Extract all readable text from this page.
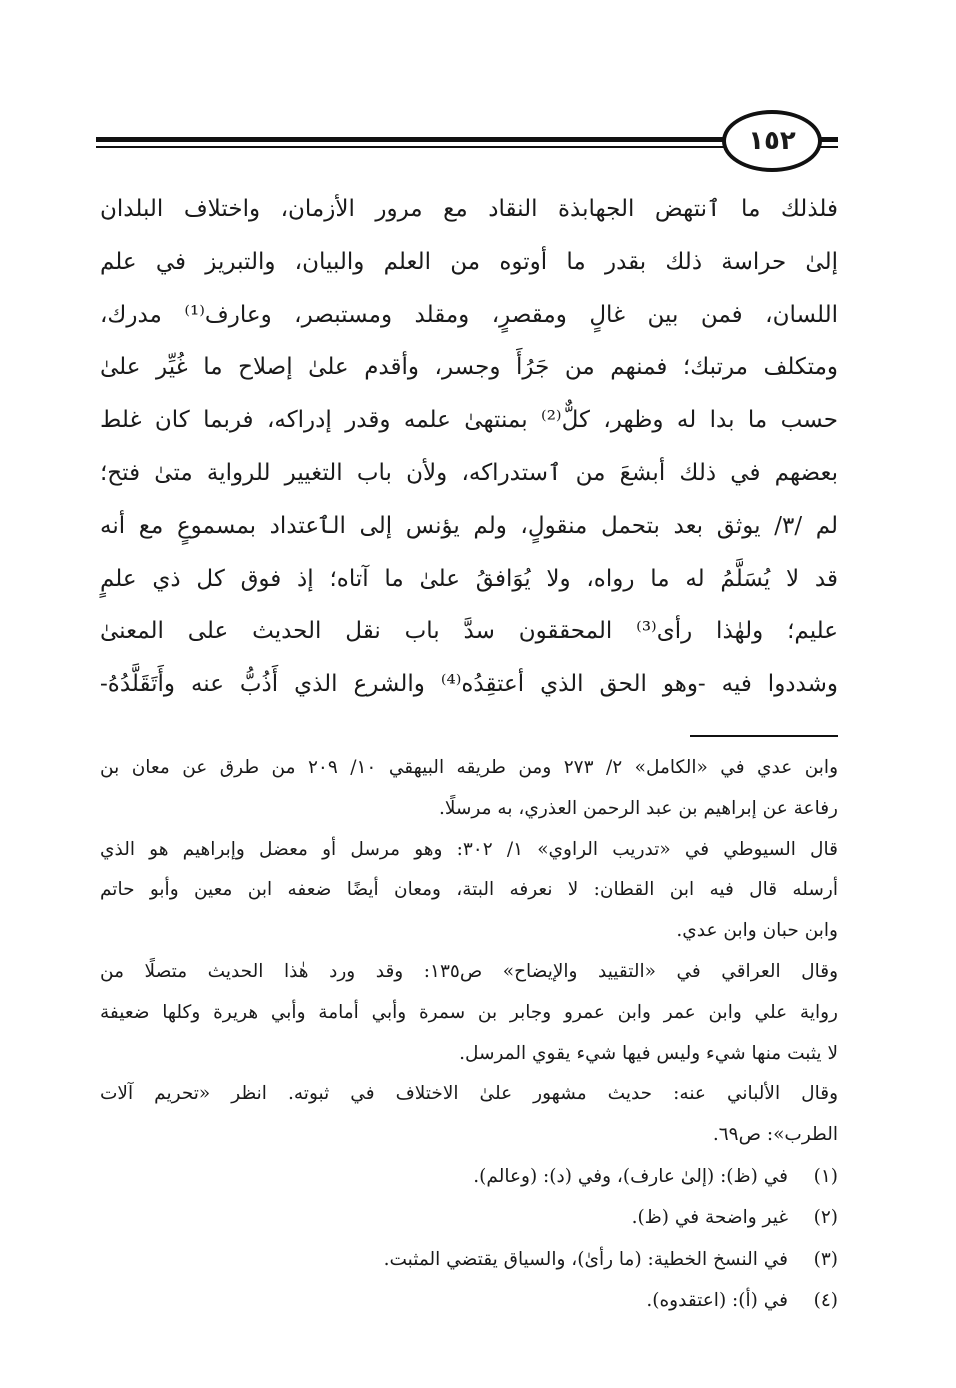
١٥٢
فلذلك ما ٱنتهض الجهابذة النقاد مع مرور الأزمان، واختلاف البلدان
إلىٰ حراسة ذلك بقدر ما أوتوه من العلم والبيان، والتبريز في علم
اللسان، فمن بين غالٍ ومقصرٍ، ومقلد ومستبصر، وعارف⁽¹⁾ مدرك،
ومتكلف مرتبك؛ فمنهم من جَرُأَ وجسر، وأقدم علىٰ إصلاح ما غُيِّر علىٰ
حسب ما بدا له وظهر، كلٌّ⁽²⁾ بمنتهىٰ علمه وقدر إدراكه، فربما كان غلط
بعضهم في ذلك أبشعَ من ٱستدراكه، ولأن باب التغيير للرواية متىٰ فتح؛
لم /٣/ يوثق بعد بتحمل منقولٍ، ولم يؤنس إلى الٱعتداد بمسموعٍ مع أنه
قد لا يُسَلَّمُ له ما رواه، ولا يُوَافقُ علىٰ ما آتاه؛ إذ فوق كل ذي علمٍ
عليم؛ ولهٰذا رأى⁽³⁾ المحققون سدَّ باب نقل الحديث على المعنىٰ
وشددوا فيه -وهو الحق الذي أعتقِدُه⁽⁴⁾ والشرع الذي أَذُبُّ عنه وأَتَقَلَّدُهُ-
وابن عدي في «الكامل» ٢/ ٢٧٣ ومن طريقه البيهقي ١٠/ ٢٠٩ من طرق عن معان بن
رفاعة عن إبراهيم بن عبد الرحمن العذري، به مرسلًا.
قال السيوطي في «تدريب الراوي» ١/ ٣٠٢: وهو مرسل أو معضل وإبراهيم هو الذي
أرسله قال فيه ابن القطان: لا نعرفه البتة، ومعان أيضًا ضعفه ابن معين وأبو حاتم
وابن حبان وابن عدي.
وقال العراقي في «التقييد والإيضاح» ص١٣٥: وقد ورد هٰذا الحديث متصلًا من
رواية علي وابن عمر وابن عمرو وجابر بن سمرة وأبي أمامة وأبي هريرة وكلها ضعيفة
لا يثبت منها شيء وليس فيها شيء يقوي المرسل.
وقال الألباني عنه: حديث مشهور علىٰ الاختلاف في ثبوته. انظر «تحريم آلات
الطرب»: ص٦٩.
(١)
في (ظ): (إلىٰ عارف)، وفي (د): (وعالم).
(٢)
غير واضحة في (ظ).
(٣)
في النسخ الخطية: (ما رأىٰ)، والسياق يقتضي المثبت.
(٤)
في (أ): (اعتقدوه).
